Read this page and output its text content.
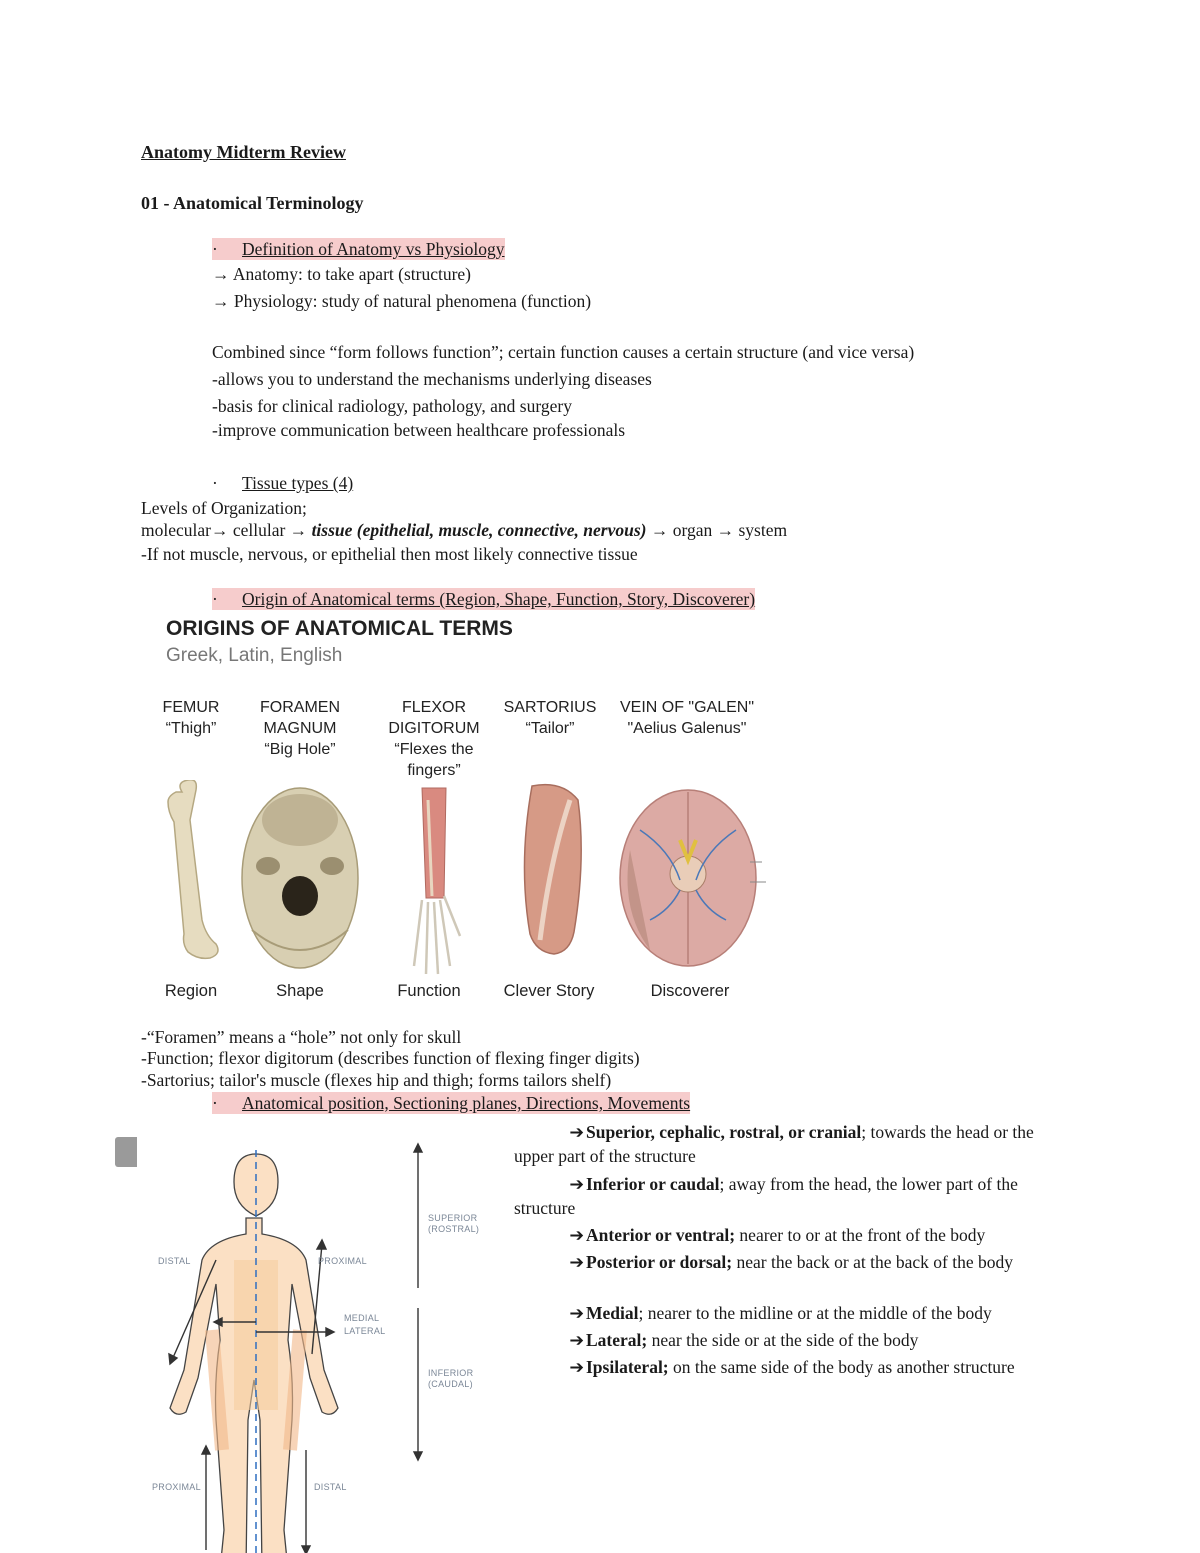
Anatomy Midterm Review
01 - Anatomical Terminology
· Definition of Anatomy vs Physiology
→ Anatomy: to take apart (structure)
→ Physiology: study of natural phenomena (function)
Combined since “form follows function”; certain function causes a certain structure (and vice versa)
-allows you to understand the mechanisms underlying diseases
-basis for clinical radiology, pathology, and surgery
-improve communication between healthcare professionals
· Tissue types (4)
Levels of Organization;
molecular→ cellular → tissue (epithelial, muscle, connective, nervous) → organ → system
-If not muscle, nervous, or epithelial then most likely connective tissue
· Origin of Anatomical terms (Region, Shape, Function, Story, Discoverer)
ORIGINS OF ANATOMICAL TERMS
Greek, Latin, English
FEMUR
“Thigh”
FORAMEN MAGNUM
“Big Hole”
FLEXOR DIGITORUM
“Flexes the fingers”
SARTORIUS
“Tailor”
VEIN OF "GALEN"
"Aelius Galenus"
Region	Shape	Function	Clever Story	Discoverer
-“Foramen” means a “hole” not only for skull
-Function; flexor digitorum (describes function of flexing finger digits)
-Sartorius; tailor's muscle (flexes hip and thigh; forms tailors shelf)
· Anatomical position, Sectioning planes, Directions, Movements
SUPERIOR (ROSTRAL)
INFERIOR (CAUDAL)
DISTAL	PROXIMAL
MEDIAL
LATERAL
PROXIMAL	DISTAL
➔ Superior, cephalic, rostral, or cranial; towards the head or the upper part of the structure
➔ Inferior or caudal; away from the head, the lower part of the structure
➔ Anterior or ventral; nearer to or at the front of the body
➔ Posterior or dorsal; near the back or at the back of the body
➔ Medial; nearer to the midline or at the middle of the body
➔ Lateral; near the side or at the side of the body
➔ Ipsilateral; on the same side of the body as another structure
